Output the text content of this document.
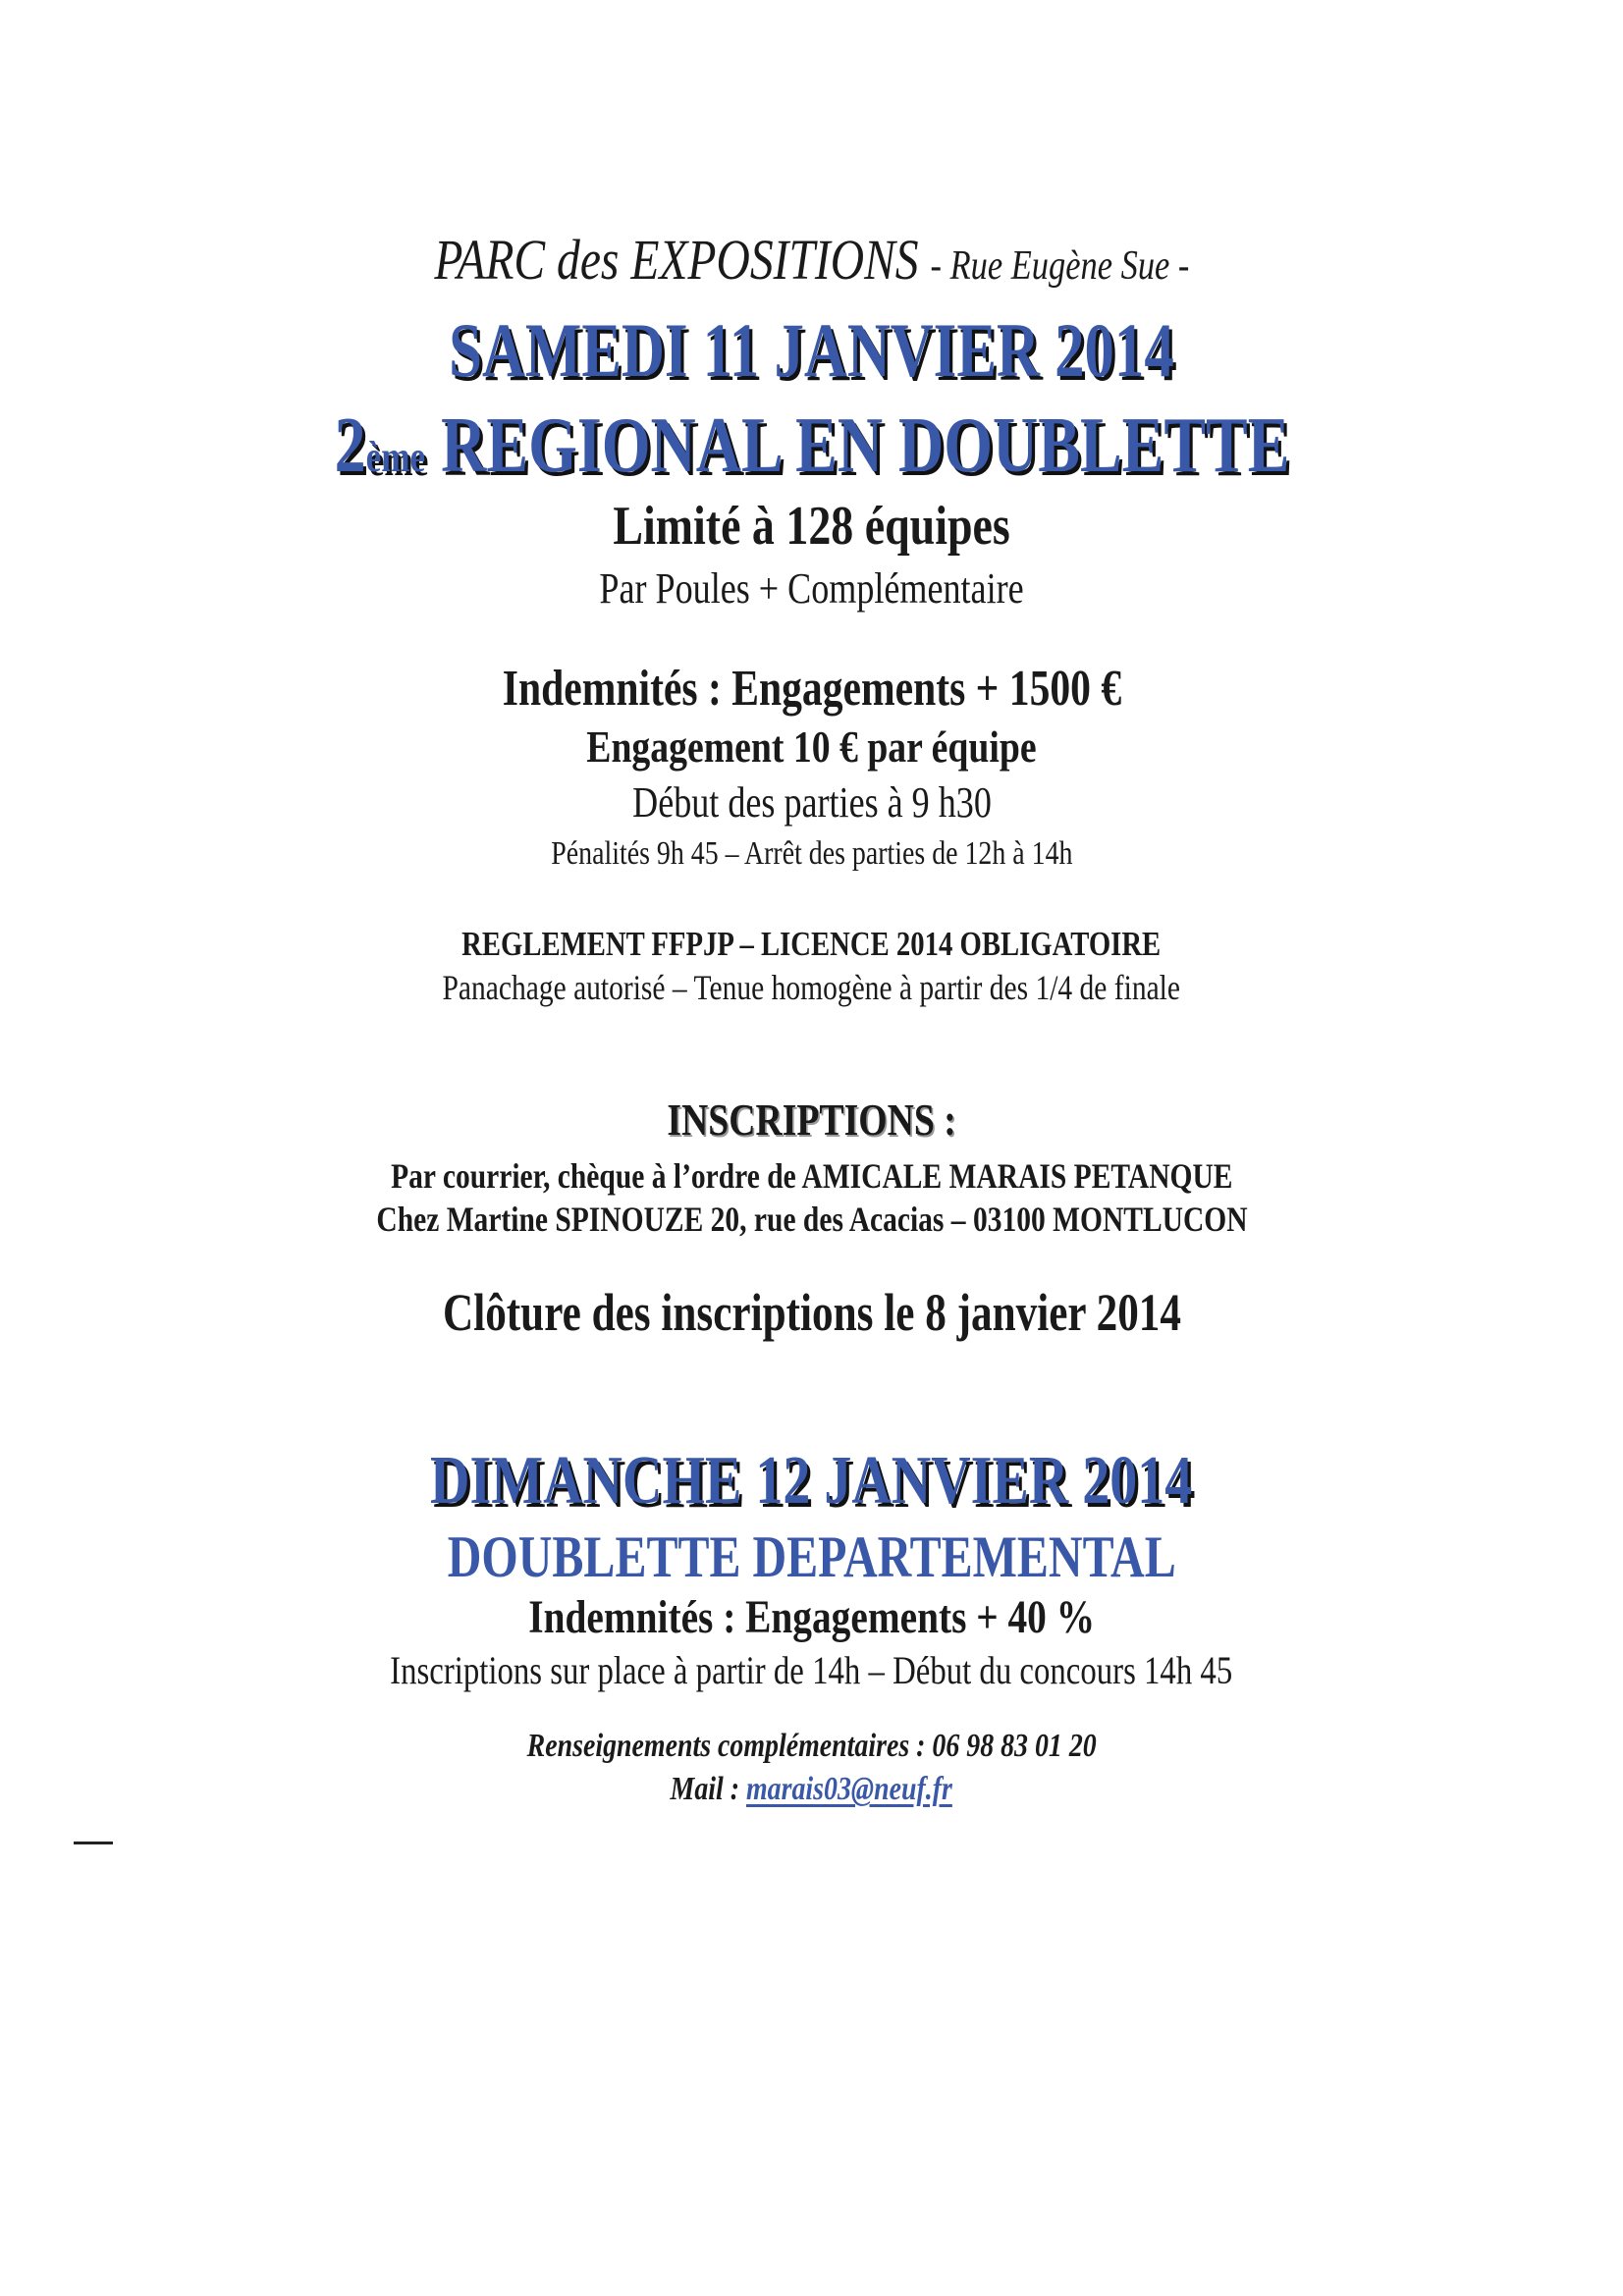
PARC des EXPOSITIONS - Rue Eugène Sue -
SAMEDI 11 JANVIER 2014
2ème REGIONAL EN DOUBLETTE
Limité à 128 équipes
Par Poules + Complémentaire
Indemnités : Engagements + 1500 €
Engagement 10 € par équipe
Début des parties à 9 h30
Pénalités 9h 45 – Arrêt des parties de 12h à 14h
REGLEMENT FFPJP – LICENCE 2014 OBLIGATOIRE
Panachage autorisé – Tenue homogène à partir des 1/4 de finale
INSCRIPTIONS :
Par courrier, chèque à l’ordre de AMICALE MARAIS PETANQUE
Chez Martine SPINOUZE 20, rue des Acacias – 03100 MONTLUCON
Clôture des inscriptions le 8 janvier 2014
DIMANCHE 12 JANVIER 2014
DOUBLETTE DEPARTEMENTAL
Indemnités : Engagements + 40 %
Inscriptions sur place à partir de 14h – Début du concours 14h 45
Renseignements complémentaires : 06 98 83 01 20
Mail : marais03@neuf.fr
